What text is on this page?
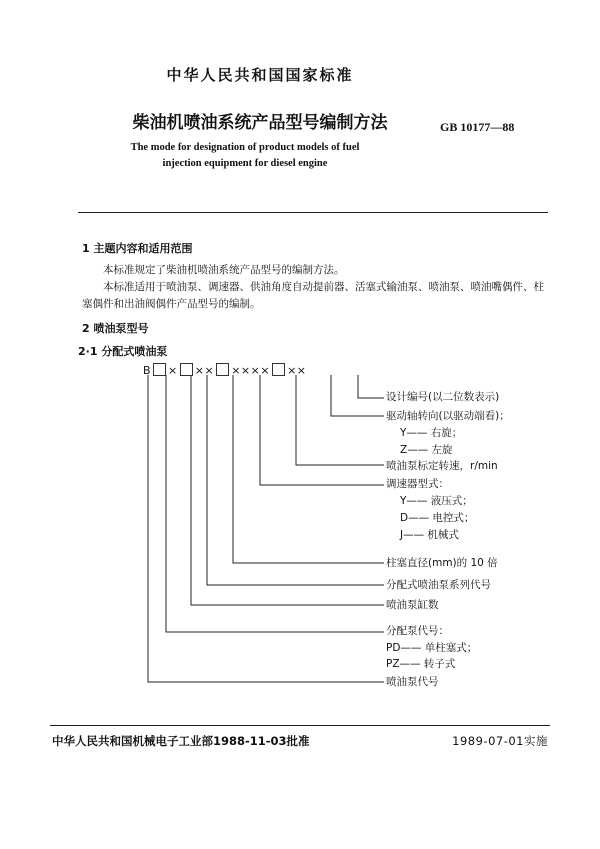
中华人民共和国国家标准
柴油机喷油系统产品型号编制方法	GB 10177—88
The mode for designation of product models of fuel injection equipment for diesel engine
1 主题内容和适用范围
本标准规定了柴油机喷油系统产品型号的编制方法。
本标准适用于喷油泵、调速器、供油角度自动提前器、活塞式输油泵、喷油泵、喷油嘴偶件、柱塞偶件和出油阀偶件产品型号的编制。
2 喷油泵型号
2·1 分配式喷油泵
B × ×× ×××× ××
设计编号(以二位数表示)
驱动轴转向(以驱动端看)；
Y—— 右旋；
Z—— 左旋
喷油泵标定转速，r/min
调速器型式：
Y—— 液压式；
D—— 电控式；
J—— 机械式
柱塞直径(mm)的 10 倍
分配式喷油泵系列代号
喷油泵缸数
分配泵代号：
PD—— 单柱塞式；
PZ—— 转子式
喷油泵代号
中华人民共和国机械电子工业部1988-11-03批准	1989-07-01实施
